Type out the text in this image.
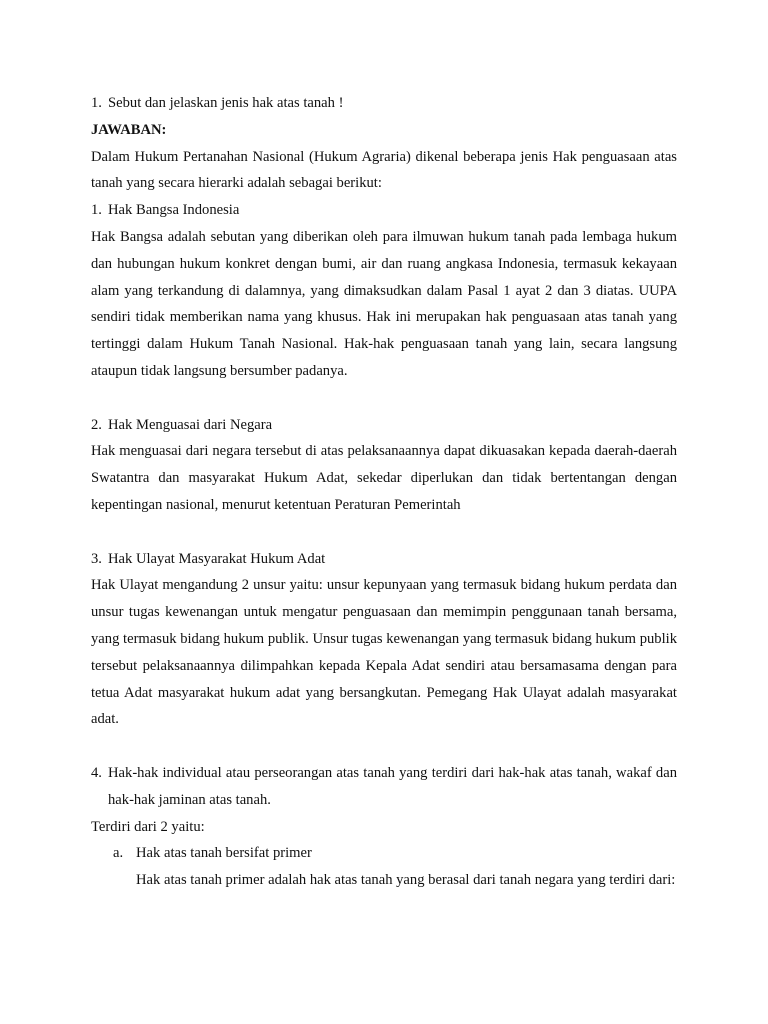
1. Sebut dan jelaskan jenis hak atas tanah !

JAWABAN:

Dalam Hukum Pertanahan Nasional (Hukum Agraria) dikenal beberapa jenis Hak penguasaan atas tanah yang secara hierarki adalah sebagai berikut:

1. Hak Bangsa Indonesia

Hak Bangsa adalah sebutan yang diberikan oleh para ilmuwan hukum tanah pada lembaga hukum dan hubungan hukum konkret dengan bumi, air dan ruang angkasa Indonesia, termasuk kekayaan alam yang terkandung di dalamnya, yang dimaksudkan dalam Pasal 1 ayat 2 dan 3 diatas. UUPA sendiri tidak memberikan nama yang khusus. Hak ini merupakan hak penguasaan atas tanah yang tertinggi dalam Hukum Tanah Nasional. Hak-hak penguasaan tanah yang lain, secara langsung ataupun tidak langsung bersumber padanya.

2. Hak Menguasai dari Negara

Hak menguasai dari negara tersebut di atas pelaksanaannya dapat dikuasakan kepada daerah-daerah Swatantra dan masyarakat Hukum Adat, sekedar diperlukan dan tidak bertentangan dengan kepentingan nasional, menurut ketentuan Peraturan Pemerintah

3. Hak Ulayat Masyarakat Hukum Adat

Hak Ulayat mengandung 2 unsur yaitu: unsur kepunyaan yang termasuk bidang hukum perdata dan unsur tugas kewenangan untuk mengatur penguasaan dan memimpin penggunaan tanah bersama, yang termasuk bidang hukum publik. Unsur tugas kewenangan yang termasuk bidang hukum publik tersebut pelaksanaannya dilimpahkan kepada Kepala Adat sendiri atau bersamasama dengan para tetua Adat masyarakat hukum adat yang bersangkutan. Pemegang Hak Ulayat adalah masyarakat adat.

4. Hak-hak individual atau perseorangan atas tanah yang terdiri dari hak-hak atas tanah, wakaf dan hak-hak jaminan atas tanah.

Terdiri dari 2 yaitu:

a. Hak atas tanah bersifat primer

Hak atas tanah primer adalah hak atas tanah yang berasal dari tanah negara yang terdiri dari:
